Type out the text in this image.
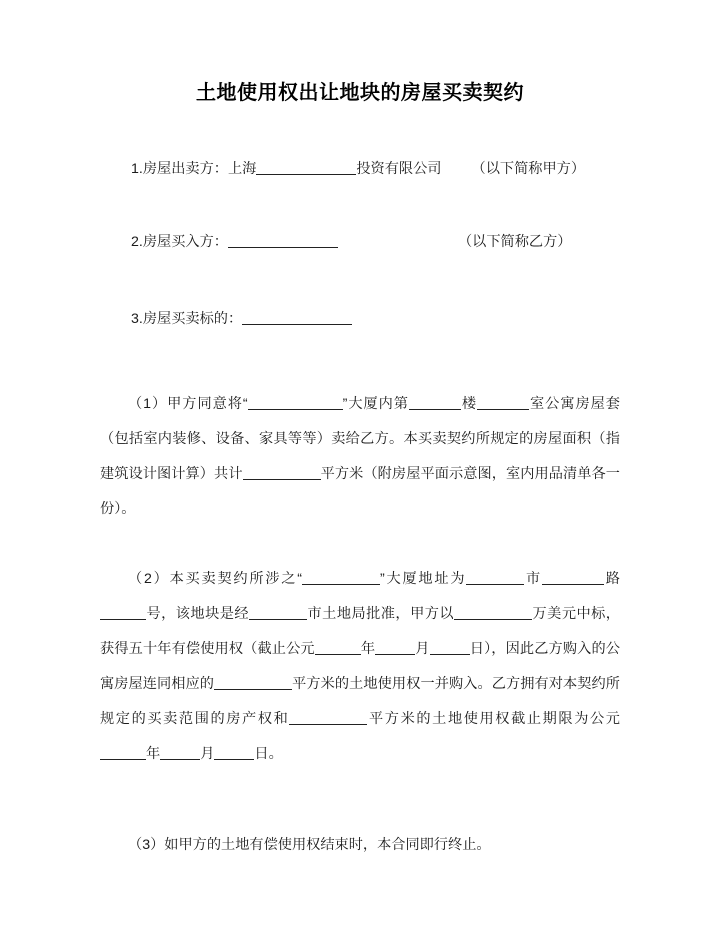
土地使用权出让地块的房屋买卖契约

1.房屋出卖方：上海	投资有限公司 （以下简称甲方）

2.房屋买入方：	（以下简称乙方）

3.房屋买卖标的：

（1）甲方同意将“	”大厦内第	楼	室公寓房屋套（包括室内装修、设备、家具等等）卖给乙方。本买卖契约所规定的房屋面积（指建筑设计图计算）共计	平方米（附房屋平面示意图，室内用品清单各一份）。

（2）本买卖契约所涉之“	”大厦地址为	市	路号，该地块是经	市土地局批准，甲方以	万美元中标，获得五十年有偿使用权（截止公元	年	月	日），因此乙方购入的公寓房屋连同相应的	平方米的土地使用权一并购入。乙方拥有对本契约所规定的买卖范围的房产权和	平方米的土地使用权截止期限为公元年	月	日。

（3）如甲方的土地有偿使用权结束时，本合同即行终止。
